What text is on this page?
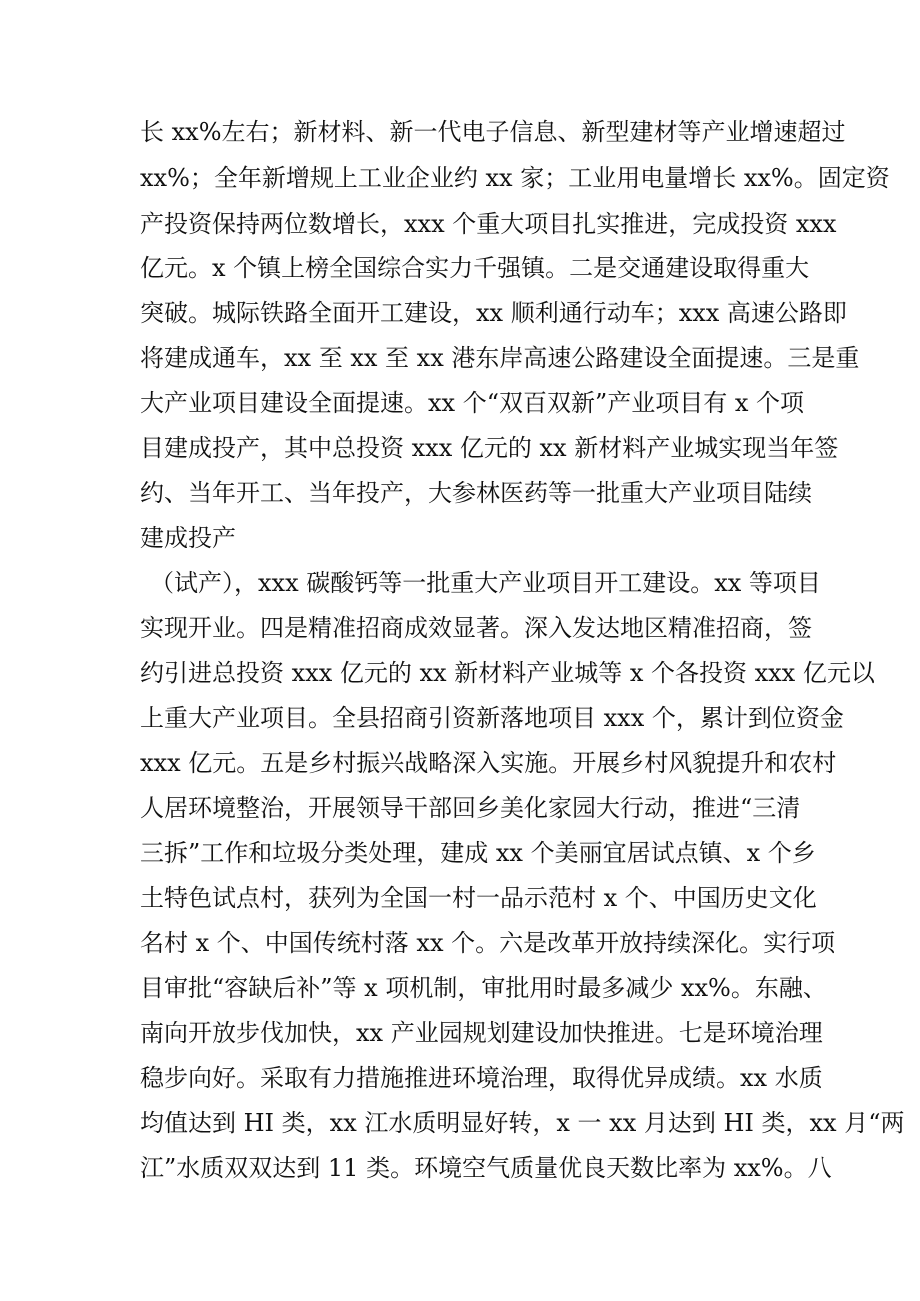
长 xx%左右；新材料、新一代电子信息、新型建材等产业增速超过
xx%；全年新增规上工业企业约 xx 家；工业用电量增长 xx%。固定资
产投资保持两位数增长，xxx 个重大项目扎实推进，完成投资 xxx
亿元。x 个镇上榜全国综合实力千强镇。二是交通建设取得重大
突破。城际铁路全面开工建设，xx 顺利通行动车；xxx 高速公路即
将建成通车，xx 至 xx 至 xx 港东岸高速公路建设全面提速。三是重
大产业项目建设全面提速。xx 个“双百双新”产业项目有 x 个项
目建成投产，其中总投资 xxx 亿元的 xx 新材料产业城实现当年签
约、当年开工、当年投产，大参林医药等一批重大产业项目陆续
建成投产
（试产），xxx 碳酸钙等一批重大产业项目开工建设。xx 等项目
实现开业。四是精准招商成效显著。深入发达地区精准招商，签
约引进总投资 xxx 亿元的 xx 新材料产业城等 x 个各投资 xxx 亿元以
上重大产业项目。全县招商引资新落地项目 xxx 个，累计到位资金
xxx 亿元。五是乡村振兴战略深入实施。开展乡村风貌提升和农村
人居环境整治，开展领导干部回乡美化家园大行动，推进“三清
三拆”工作和垃圾分类处理，建成 xx 个美丽宜居试点镇、x 个乡
土特色试点村，获列为全国一村一品示范村 x 个、中国历史文化
名村 x 个、中国传统村落 xx 个。六是改革开放持续深化。实行项
目审批“容缺后补”等 x 项机制，审批用时最多减少 xx%。东融、
南向开放步伐加快，xx 产业园规划建设加快推进。七是环境治理
稳步向好。采取有力措施推进环境治理，取得优异成绩。xx 水质
均值达到 HI 类，xx 江水质明显好转，x 一 xx 月达到 HI 类，xx 月“两
江”水质双双达到 11 类。环境空气质量优良天数比率为 xx%。八
